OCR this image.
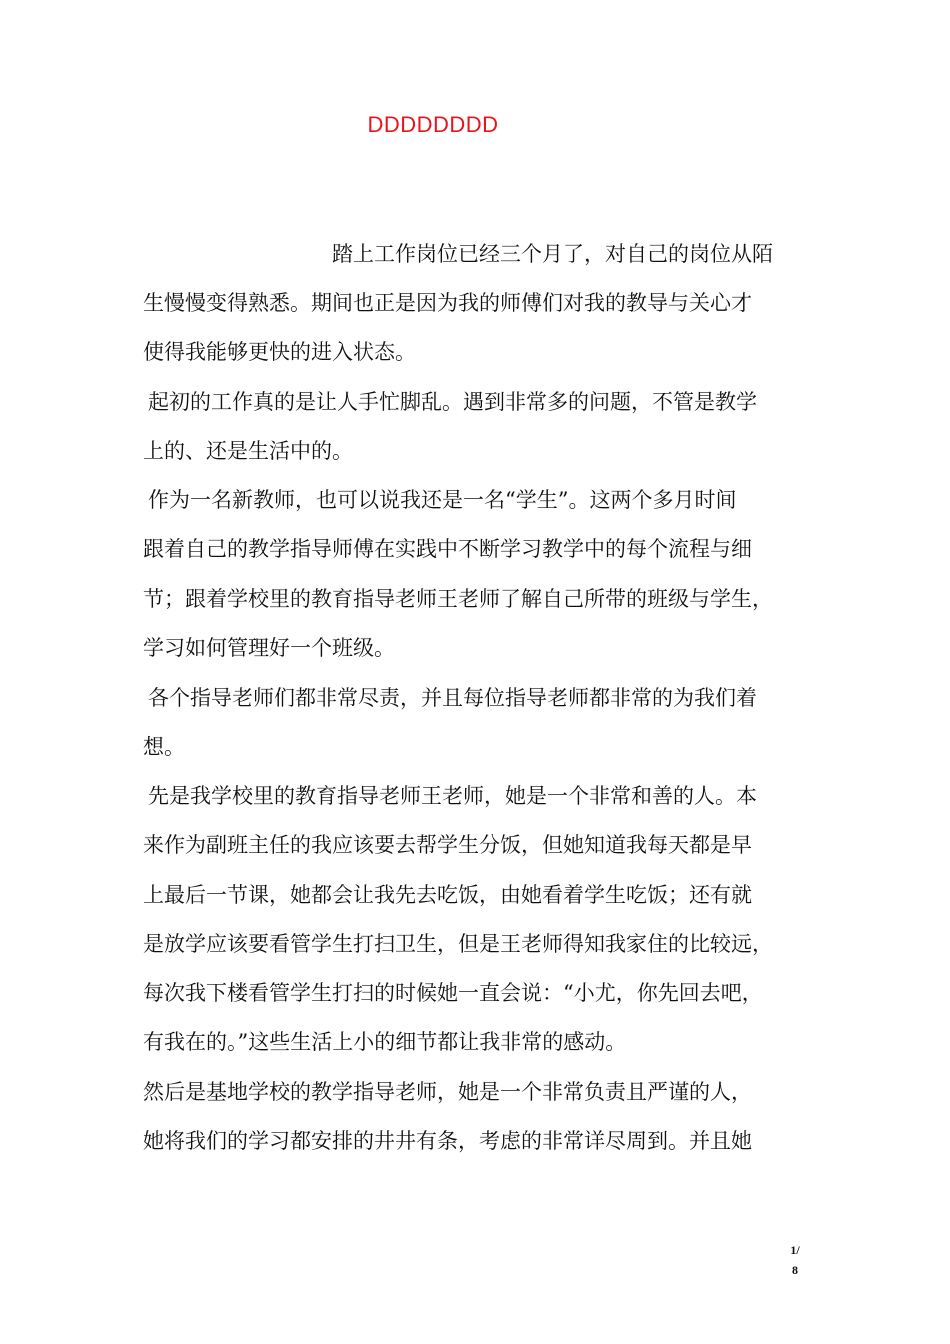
DDDDDDDD
踏上工作岗位已经三个月了，对自己的岗位从陌
生慢慢变得熟悉。期间也正是因为我的师傅们对我的教导与关心才
使得我能够更快的进入状态。
起初的工作真的是让人手忙脚乱。遇到非常多的问题，不管是教学
上的、还是生活中的。
作为一名新教师，也可以说我还是一名“学生”。这两个多月时间
跟着自己的教学指导师傅在实践中不断学习教学中的每个流程与细
节；跟着学校里的教育指导老师王老师了解自己所带的班级与学生，
学习如何管理好一个班级。
各个指导老师们都非常尽责，并且每位指导老师都非常的为我们着
想。
先是我学校里的教育指导老师王老师，她是一个非常和善的人。本
来作为副班主任的我应该要去帮学生分饭，但她知道我每天都是早
上最后一节课，她都会让我先去吃饭，由她看着学生吃饭；还有就
是放学应该要看管学生打扫卫生，但是王老师得知我家住的比较远，
每次我下楼看管学生打扫的时候她一直会说：“小尤，你先回去吧，
有我在的。”这些生活上小的细节都让我非常的感动。
然后是基地学校的教学指导老师，她是一个非常负责且严谨的人，
她将我们的学习都安排的井井有条，考虑的非常详尽周到。并且她
1/
8
